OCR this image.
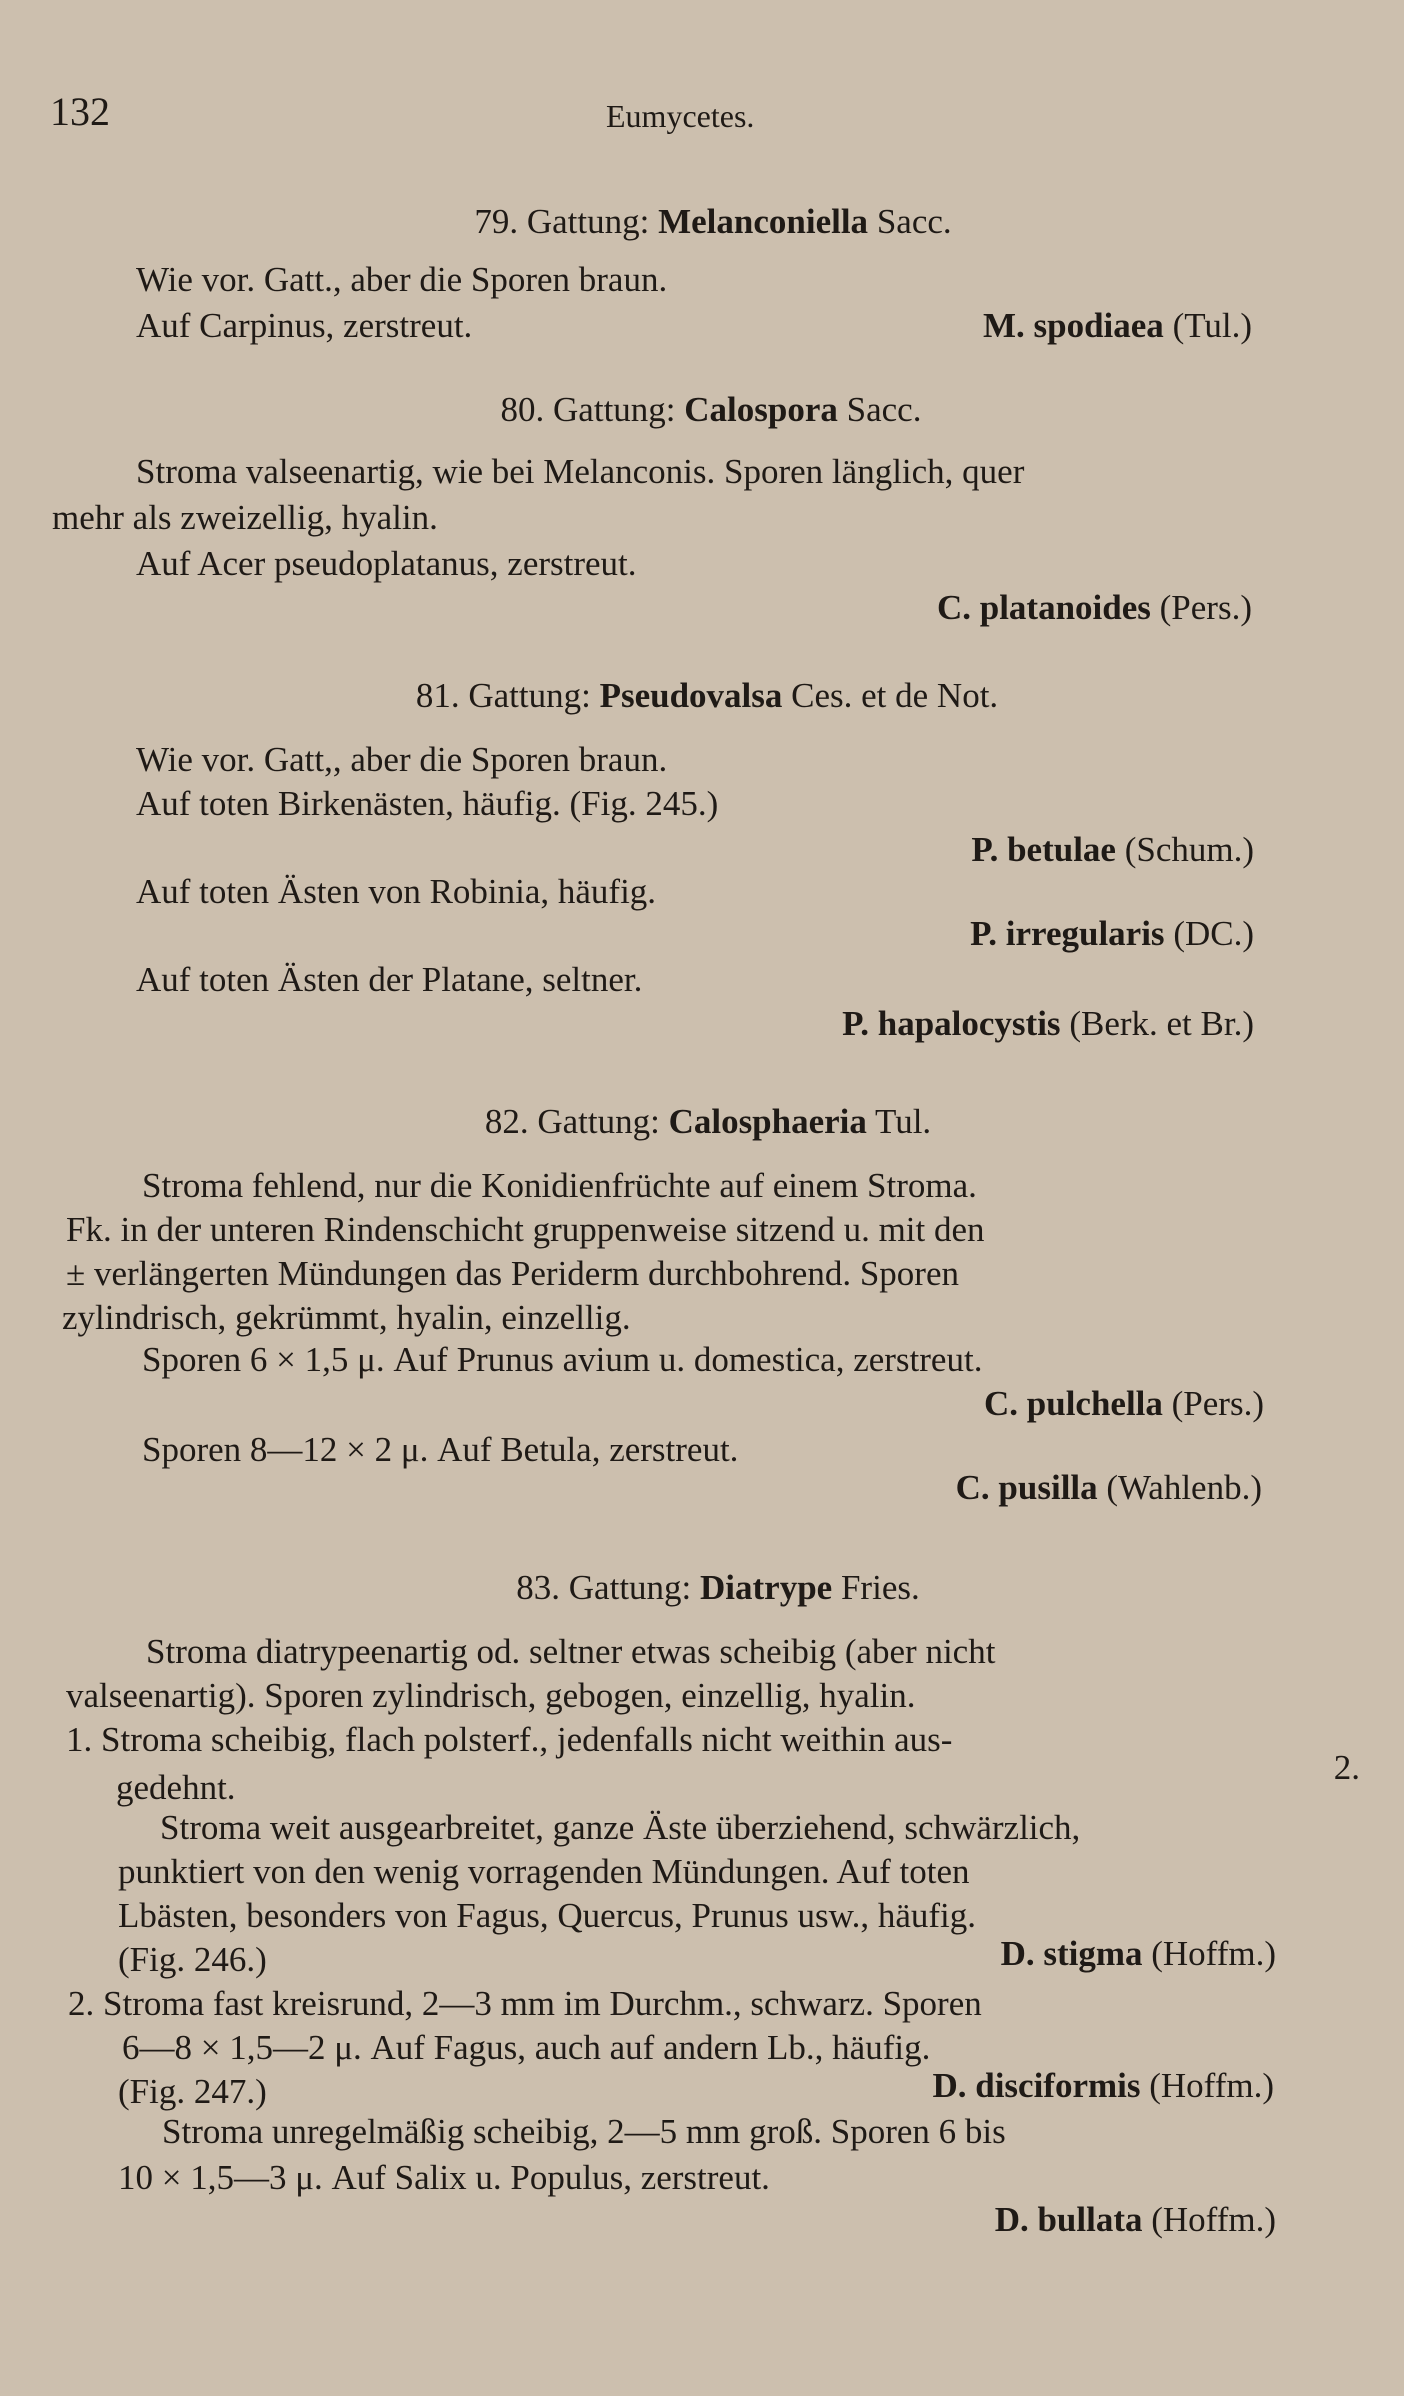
132	Eumycetes.
79. Gattung: Melanconiella Sacc.
Wie vor. Gatt., aber die Sporen braun.
Auf Carpinus, zerstreut.	M. spodiaea (Tul.)
80. Gattung: Calospora Sacc.
Stroma valseenartig, wie bei Melanconis. Sporen länglich, quer
mehr als zweizellig, hyalin.
Auf Acer pseudoplatanus, zerstreut.
C. platanoides (Pers.)
81. Gattung: Pseudovalsa Ces. et de Not.
Wie vor. Gatt,, aber die Sporen braun.
Auf toten Birkenästen, häufig. (Fig. 245.)
P. betulae (Schum.)
Auf toten Ästen von Robinia, häufig.
P. irregularis (DC.)
Auf toten Ästen der Platane, seltner.
P. hapalocystis (Berk. et Br.)
82. Gattung: Calosphaeria Tul.
Stroma fehlend, nur die Konidienfrüchte auf einem Stroma.
Fk. in der unteren Rindenschicht gruppenweise sitzend u. mit den
± verlängerten Mündungen das Periderm durchbohrend. Sporen
zylindrisch, gekrümmt, hyalin, einzellig.
Sporen 6 × 1,5 μ. Auf Prunus avium u. domestica, zerstreut.
C. pulchella (Pers.)
Sporen 8—12 × 2 μ. Auf Betula, zerstreut.
C. pusilla (Wahlenb.)
83. Gattung: Diatrype Fries.
Stroma diatrypeenartig od. seltner etwas scheibig (aber nicht
valseenartig). Sporen zylindrisch, gebogen, einzellig, hyalin.
1. Stroma scheibig, flach polsterf., jedenfalls nicht weithin aus-
gedehnt.
2.
Stroma weit ausgearbreitet, ganze Äste überziehend, schwärzlich,
punktiert von den wenig vorragenden Mündungen. Auf toten
Lbästen, besonders von Fagus, Quercus, Prunus usw., häufig.
(Fig. 246.)	D. stigma (Hoffm.)
2. Stroma fast kreisrund, 2—3 mm im Durchm., schwarz. Sporen
6—8 × 1,5—2 μ. Auf Fagus, auch auf andern Lb., häufig.
(Fig. 247.)	D. disciformis (Hoffm.)
Stroma unregelmäßig scheibig, 2—5 mm groß. Sporen 6 bis
10 × 1,5—3 μ. Auf Salix u. Populus, zerstreut.
D. bullata (Hoffm.)
